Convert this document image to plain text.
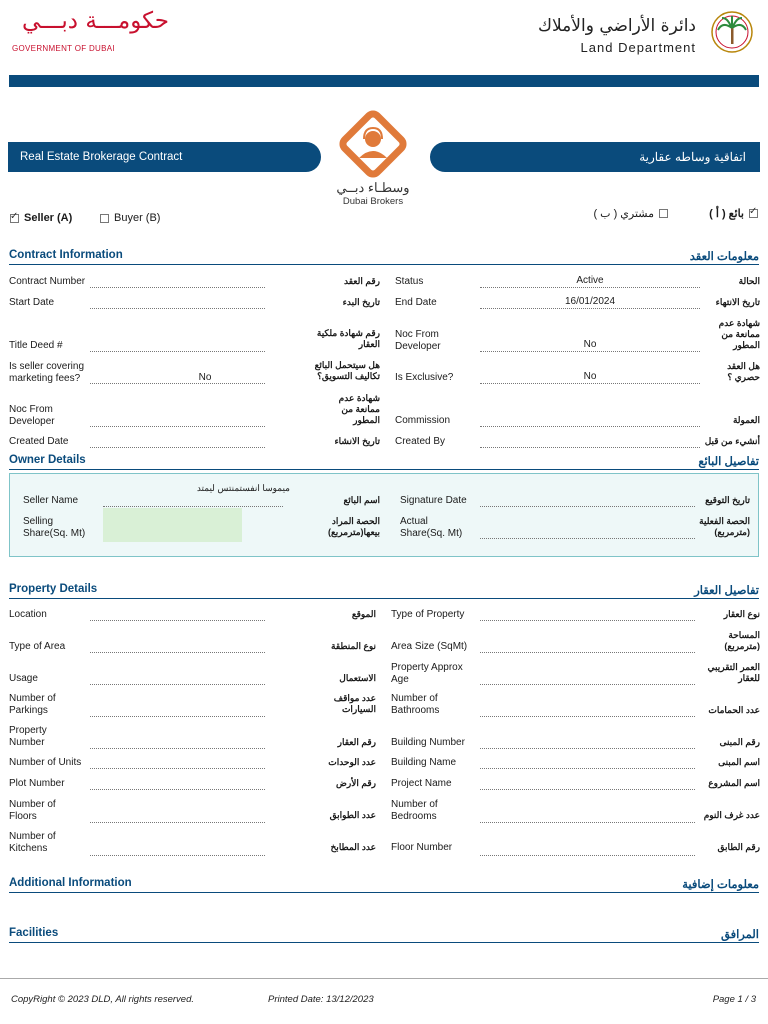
حكومـــة دبـــي
GOVERNMENT OF DUBAI
دائرة الأراضي والأملاك
Land Department
Real Estate Brokerage Contract	اتفاقية وساطه عقارية
وسطـاء دبــي
Dubai Brokers
✓
Seller (A)	Buyer (B)
✓	بائع ( أ )
مشتري ( ب )
Contract Information	معلومات العقد
Contract Number	رقم العقد
Start Date	تاريخ البدء
Title Deed #
رقم شهادة ملكية العقار
Is seller covering marketing fees?	No
هل سيتحمل البائع تكاليف التسويق؟
Noc From Developer
شهادة عدم ممانعة من المطور
Created Date	تاريخ الانشاء
Status	Active	الحالة
End Date	16/01/2024	تاريخ الانتهاء
Noc From Developer	No
شهادة عدم ممانعة من المطور
Is Exclusive?	No
هل العقد حصري ؟
Commission	العمولة
Created By	أنشيء من قبل
Owner Details	تفاصيل البائع
ميموسا انفستمنتس ليمتد
Seller Name	اسم البائع
Selling Share(Sq. Mt)
الحصة المراد بيعها(مترمربع)
Signature Date	تاريخ التوقيع
Actual Share(Sq. Mt)
الحصة الفعلية (مترمربع)
Property Details	تفاصيل العقار
Location	الموقع
Type of Area	نوع المنطقة
Usage	الاستعمال
Number of Parkings
عدد مواقف السيارات
Property Number	رقم العقار
Number of Units	عدد الوحدات
Plot Number	رقم الأرض
Number of Floors	عدد الطوابق
Number of Kitchens	عدد المطابخ
Type of Property	نوع العقار
Area Size (SqMt)
المساحة (مترمربع)
Property Approx Age
العمر التقريبي للعقار
Number of Bathrooms	عدد الحمامات
Building Number	رقم المبنى
Building Name	اسم المبنى
Project Name	اسم المشروع
Number of Bedrooms	عدد غرف النوم
Floor Number	رقم الطابق
Additional Information	معلومات إضافية
Facilities	المرافق
CopyRight © 2023 DLD, All rights reserved.	Printed Date: 13/12/2023	Page 1 / 3
